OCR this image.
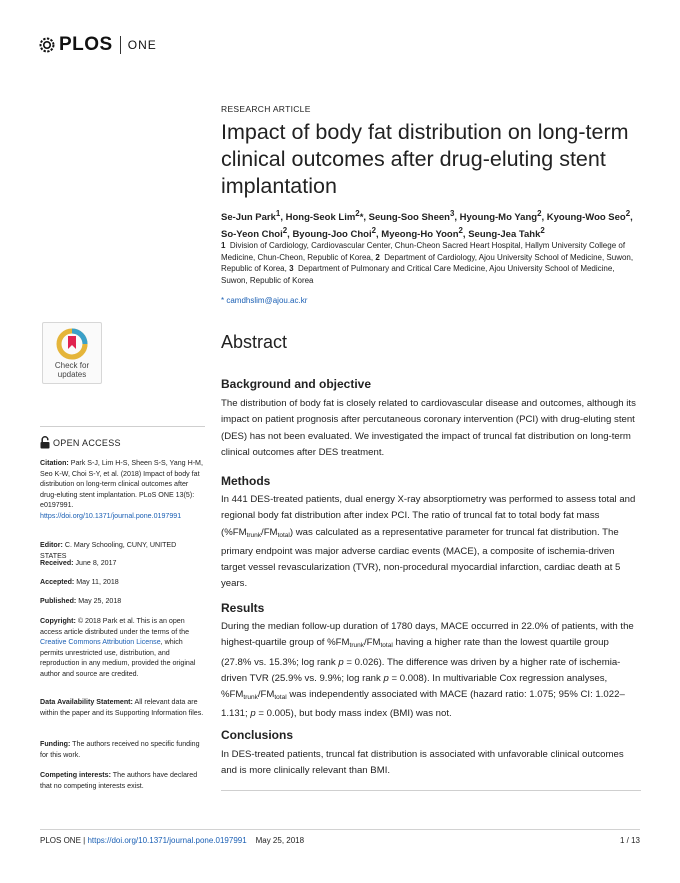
PLOS ONE
Check for
updates
RESEARCH ARTICLE
Impact of body fat distribution on long-term clinical outcomes after drug-eluting stent implantation
Se-Jun Park$^1$, Hong-Seok Lim$^2$*, Seung-Soo Sheen$^3$, Hyoung-Mo Yang$^2$, Kyoung-Woo Seo$^2$, So-Yeon Choi$^2$, Byoung-Joo Choi$^2$, Myeong-Ho Yoon$^2$, Seung-Jea Tahk$^2$
1 Division of Cardiology, Cardiovascular Center, Chun-Cheon Sacred Heart Hospital, Hallym University College of Medicine, Chun-Cheon, Republic of Korea, 2 Department of Cardiology, Ajou University School of Medicine, Suwon, Republic of Korea, 3 Department of Pulmonary and Critical Care Medicine, Ajou University School of Medicine, Suwon, Republic of Korea
* camdhslim@ajou.ac.kr
Abstract
Background and objective
The distribution of body fat is closely related to cardiovascular disease and outcomes, although its impact on patient prognosis after percutaneous coronary intervention (PCI) with drug-eluting stent (DES) has not been evaluated. We investigated the impact of truncal fat distribution on long-term clinical outcomes after DES treatment.
Methods
In 441 DES-treated patients, dual energy X-ray absorptiometry was performed to assess total and regional body fat distribution after index PCI. The ratio of truncal fat to total body fat mass $(\%FM_{trunk}/FM_{total})$ was calculated as a representative parameter for truncal fat distribution. The primary endpoint was major adverse cardiac events (MACE), a composite of ischemia-driven target vessel revascularization (TVR), non-procedural myocardial infarction, cardiac death at 5 years.
Results
During the median follow-up duration of 1780 days, MACE occurred in 22.0% of patients, with the highest-quartile group of $\%FM_{trunk}/FM_{total}$ having a higher rate than the lowest quartile group (27.8% vs. 15.3%; log rank p = 0.026). The difference was driven by a higher rate of ischemia-driven TVR (25.9% vs. 9.9%; log rank p = 0.008). In multivariable Cox regression analyses, $\%FM_{trunk}/FM_{total}$ was independently associated with MACE (hazard ratio: 1.075; 95% CI: 1.022–1.131; p = 0.005), but body mass index (BMI) was not.
Conclusions
In DES-treated patients, truncal fat distribution is associated with unfavorable clinical outcomes and is more clinically relevant than BMI.
OPEN ACCESS
Citation: Park S-J, Lim H-S, Sheen S-S, Yang H-M, Seo K-W, Choi S-Y, et al. (2018) Impact of body fat distribution on long-term clinical outcomes after drug-eluting stent implantation. PLoS ONE 13(5): e0197991. https://doi.org/10.1371/journal.pone.0197991
Editor: C. Mary Schooling, CUNY, UNITED STATES
Received: June 8, 2017
Accepted: May 11, 2018
Published: May 25, 2018
Copyright: © 2018 Park et al. This is an open access article distributed under the terms of the Creative Commons Attribution License, which permits unrestricted use, distribution, and reproduction in any medium, provided the original author and source are credited.
Data Availability Statement: All relevant data are within the paper and its Supporting Information files.
Funding: The authors received no specific funding for this work.
Competing interests: The authors have declared that no competing interests exist.
PLOS ONE | https://doi.org/10.1371/journal.pone.0197991 May 25, 2018	1 / 13
